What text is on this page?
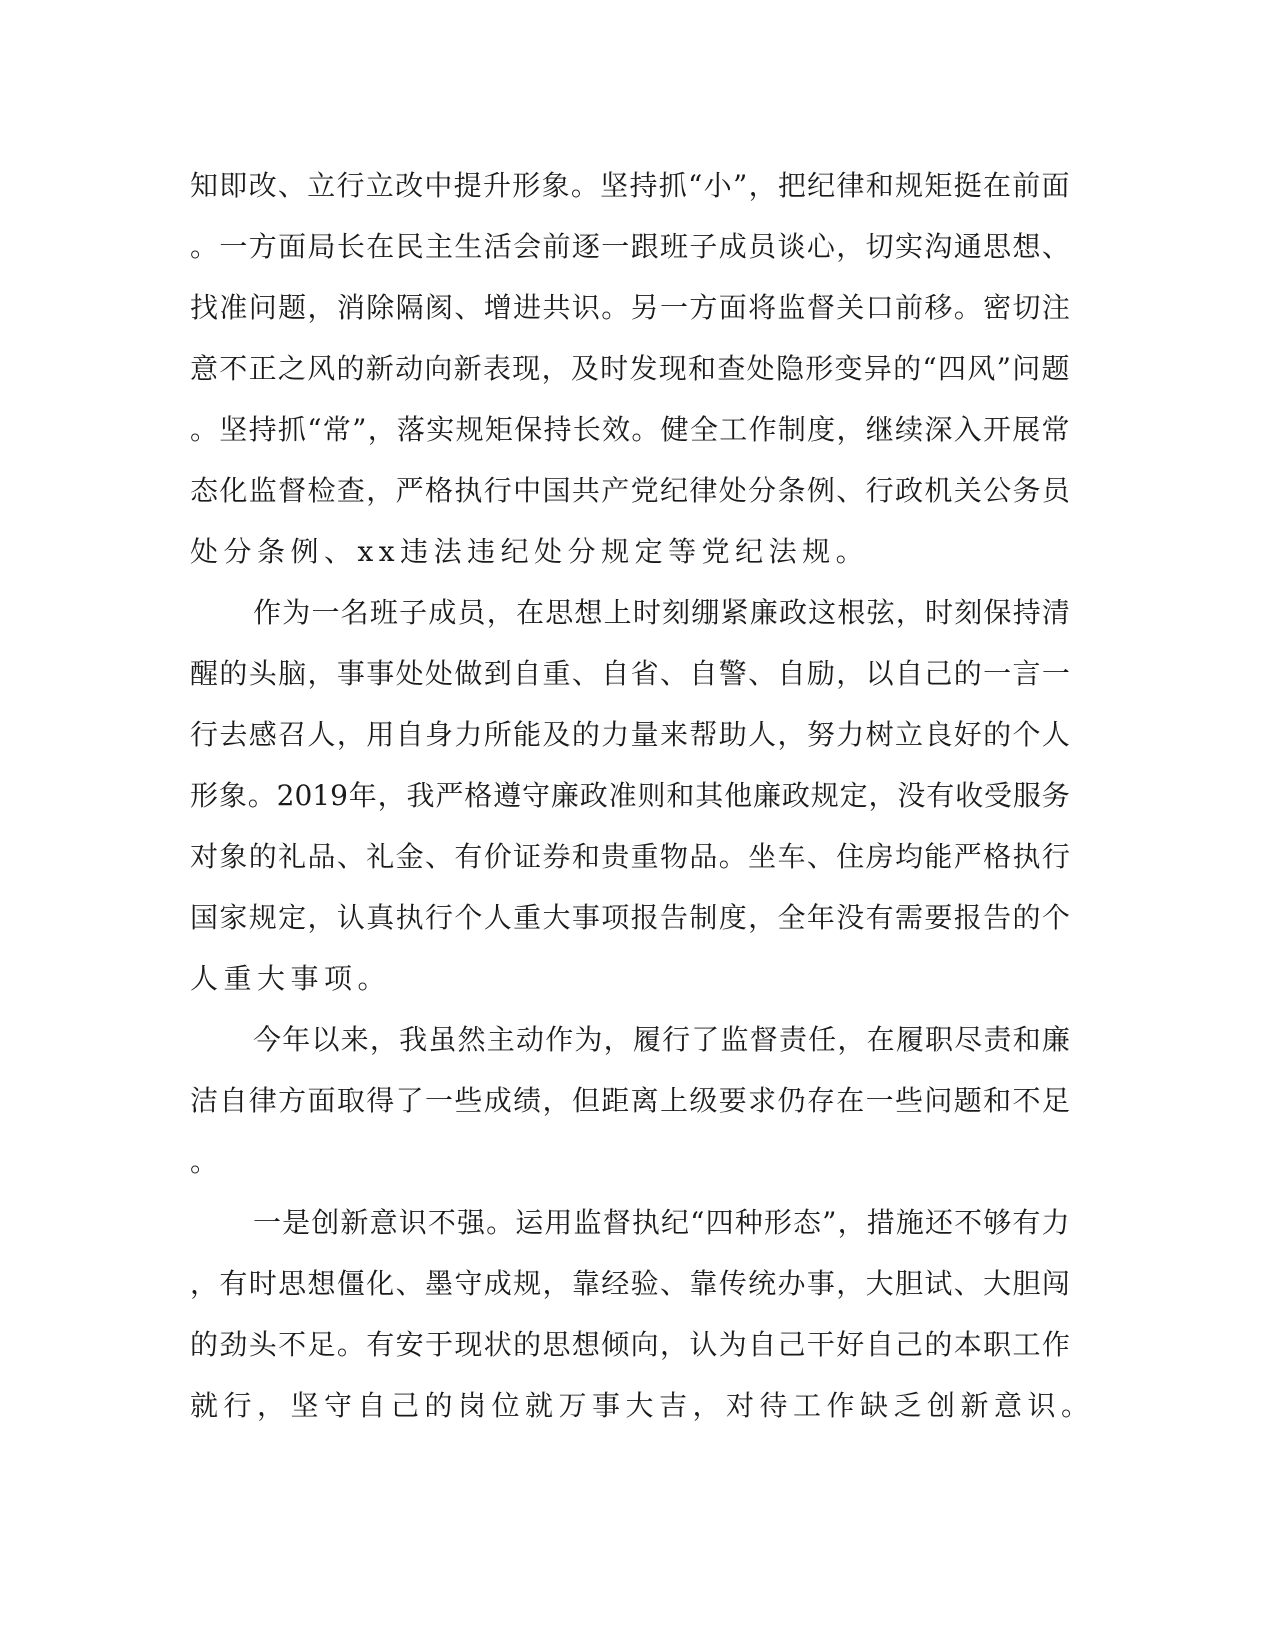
知 即 改 、 立 行 立 改 中 提 升 形 象 。 坚 持 抓 “ 小 ” ， 把 纪 律 和 规 矩 挺 在 前 面
。 一 方 面 局 长 在 民 主 生 活 会 前 逐 一 跟 班 子 成 员 谈 心 ， 切 实 沟 通 思 想 、
找 准 问 题 ， 消 除 隔 阂 、 增 进 共 识 。 另 一 方 面 将 监 督 关 口 前 移 。 密 切 注
意 不 正 之 风 的 新 动 向 新 表 现 ， 及 时 发 现 和 查 处 隐 形 变 异 的 “ 四 风 ” 问 题
。 坚 持 抓 “ 常 ” ， 落 实 规 矩 保 持 长 效 。 健 全 工 作 制 度 ， 继 续 深 入 开 展 常
态 化 监 督 检 查 ， 严 格 执 行 中 国 共 产 党 纪 律 处 分 条 例 、 行 政 机 关 公 务 员
处分条例、xx违法违纪处分规定等党纪法规。
作 为 一 名 班 子 成 员 ， 在 思 想 上 时 刻 绷 紧 廉 政 这 根 弦 ， 时 刻 保 持 清
醒 的 头 脑 ， 事 事 处 处 做 到 自 重 、 自 省 、 自 警 、 自 励 ， 以 自 己 的 一 言 一
行 去 感 召 人 ， 用 自 身 力 所 能 及 的 力 量 来 帮 助 人 ， 努 力 树 立 良 好 的 个 人
形 象 。 2019 年 ， 我 严 格 遵 守 廉 政 准 则 和 其 他 廉 政 规 定 ， 没 有 收 受 服 务
对 象 的 礼 品 、 礼 金 、 有 价 证 券 和 贵 重 物 品 。 坐 车 、 住 房 均 能 严 格 执 行
国 家 规 定 ， 认 真 执 行 个 人 重 大 事 项 报 告 制 度 ， 全 年 没 有 需 要 报 告 的 个
人重大事项。
今 年 以 来 ， 我 虽 然 主 动 作 为 ， 履 行 了 监 督 责 任 ， 在 履 职 尽 责 和 廉
洁 自 律 方 面 取 得 了 一 些 成 绩 ， 但 距 离 上 级 要 求 仍 存 在 一 些 问 题 和 不 足
。
一 是 创 新 意 识 不 强 。 运 用 监 督 执 纪 “ 四 种 形 态 ” ， 措 施 还 不 够 有 力
， 有 时 思 想 僵 化 、 墨 守 成 规 ， 靠 经 验 、 靠 传 统 办 事 ， 大 胆 试 、 大 胆 闯
的 劲 头 不 足 。 有 安 于 现 状 的 思 想 倾 向 ， 认 为 自 己 干 好 自 己 的 本 职 工 作
就行，坚守自己的岗位就万事大吉，对待工作缺乏创新意识。
